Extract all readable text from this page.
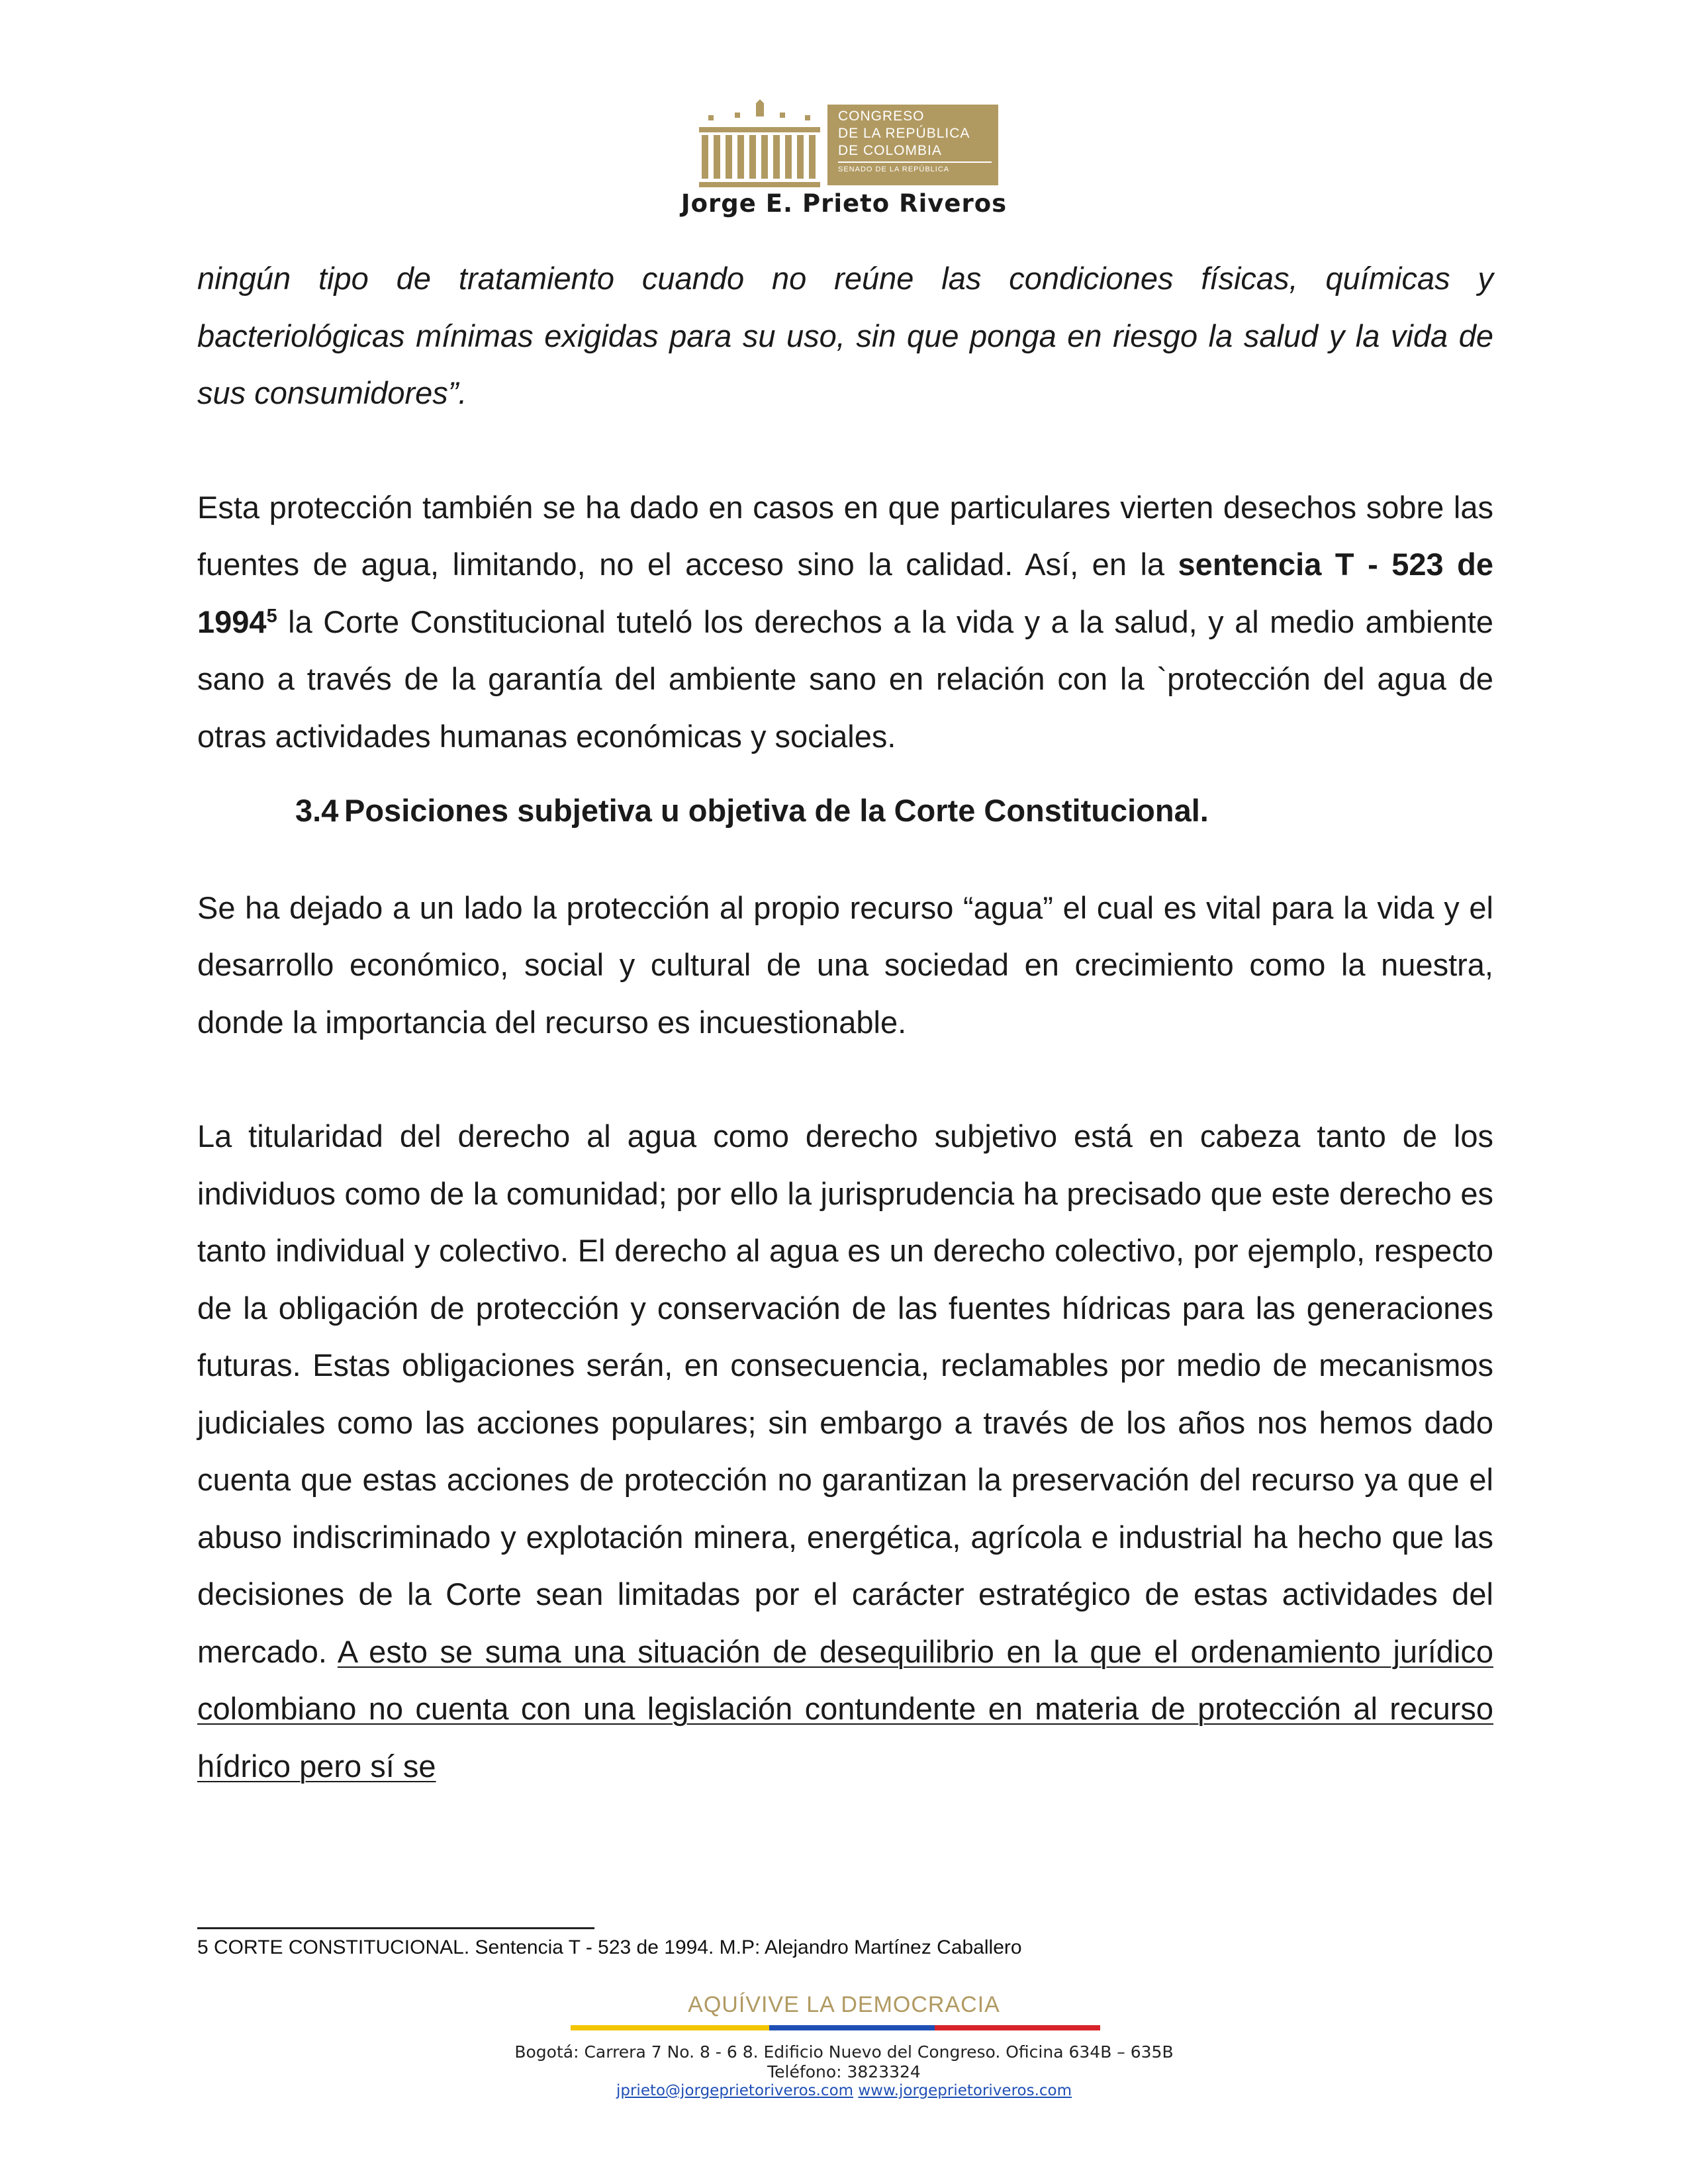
CONGRESO
DE LA REPÚBLICA
DE COLOMBIA
SENADO DE LA REPÚBLICA
Jorge E. Prieto Riveros

ningún tipo de tratamiento cuando no reúne las condiciones físicas, químicas y bacteriológicas mínimas exigidas para su uso, sin que ponga en riesgo la salud y la vida de sus consumidores”.

Esta protección también se ha dado en casos en que particulares vierten desechos sobre las fuentes de agua, limitando, no el acceso sino la calidad. Así, en la sentencia T - 523 de 1994$^5$ la Corte Constitucional tuteló los derechos a la vida y a la salud, y al medio ambiente sano a través de la garantía del ambiente sano en relación con la `protección del agua de otras actividades humanas económicas y sociales.

3.4 Posiciones subjetiva u objetiva de la Corte Constitucional.

Se ha dejado a un lado la protección al propio recurso “agua” el cual es vital para la vida y el desarrollo económico, social y cultural de una sociedad en crecimiento como la nuestra, donde la importancia del recurso es incuestionable.

La titularidad del derecho al agua como derecho subjetivo está en cabeza tanto de los individuos como de la comunidad; por ello la jurisprudencia ha precisado que este derecho es tanto individual y colectivo. El derecho al agua es un derecho colectivo, por ejemplo, respecto de la obligación de protección y conservación de las fuentes hídricas para las generaciones futuras. Estas obligaciones serán, en consecuencia, reclamables por medio de mecanismos judiciales como las acciones populares; sin embargo a través de los años nos hemos dado cuenta que estas acciones de protección no garantizan la preservación del recurso ya que el abuso indiscriminado y explotación minera, energética, agrícola e industrial ha hecho que las decisiones de la Corte sean limitadas por el carácter estratégico de estas actividades del mercado. A esto se suma una situación de desequilibrio en la que el ordenamiento jurídico colombiano no cuenta con una legislación contundente en materia de protección al recurso hídrico pero sí se

5 CORTE CONSTITUCIONAL. Sentencia T - 523 de 1994. M.P: Alejandro Martínez Caballero
AQUÍVIVE LA DEMOCRACIA
Bogotá: Carrera 7 No. 8 - 6 8. Edificio Nuevo del Congreso. Oficina 634B – 635B
Teléfono: 3823324
jprieto@jorgeprietoriveros.com www.jorgeprietoriveros.com
